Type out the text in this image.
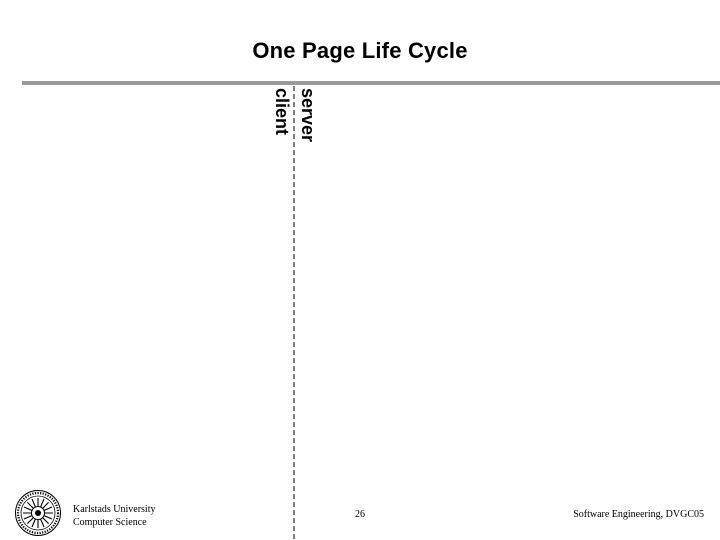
One Page Life Cycle
server
client
Karlstads University
Computer Science
26	Software Engineering, DVGC05
